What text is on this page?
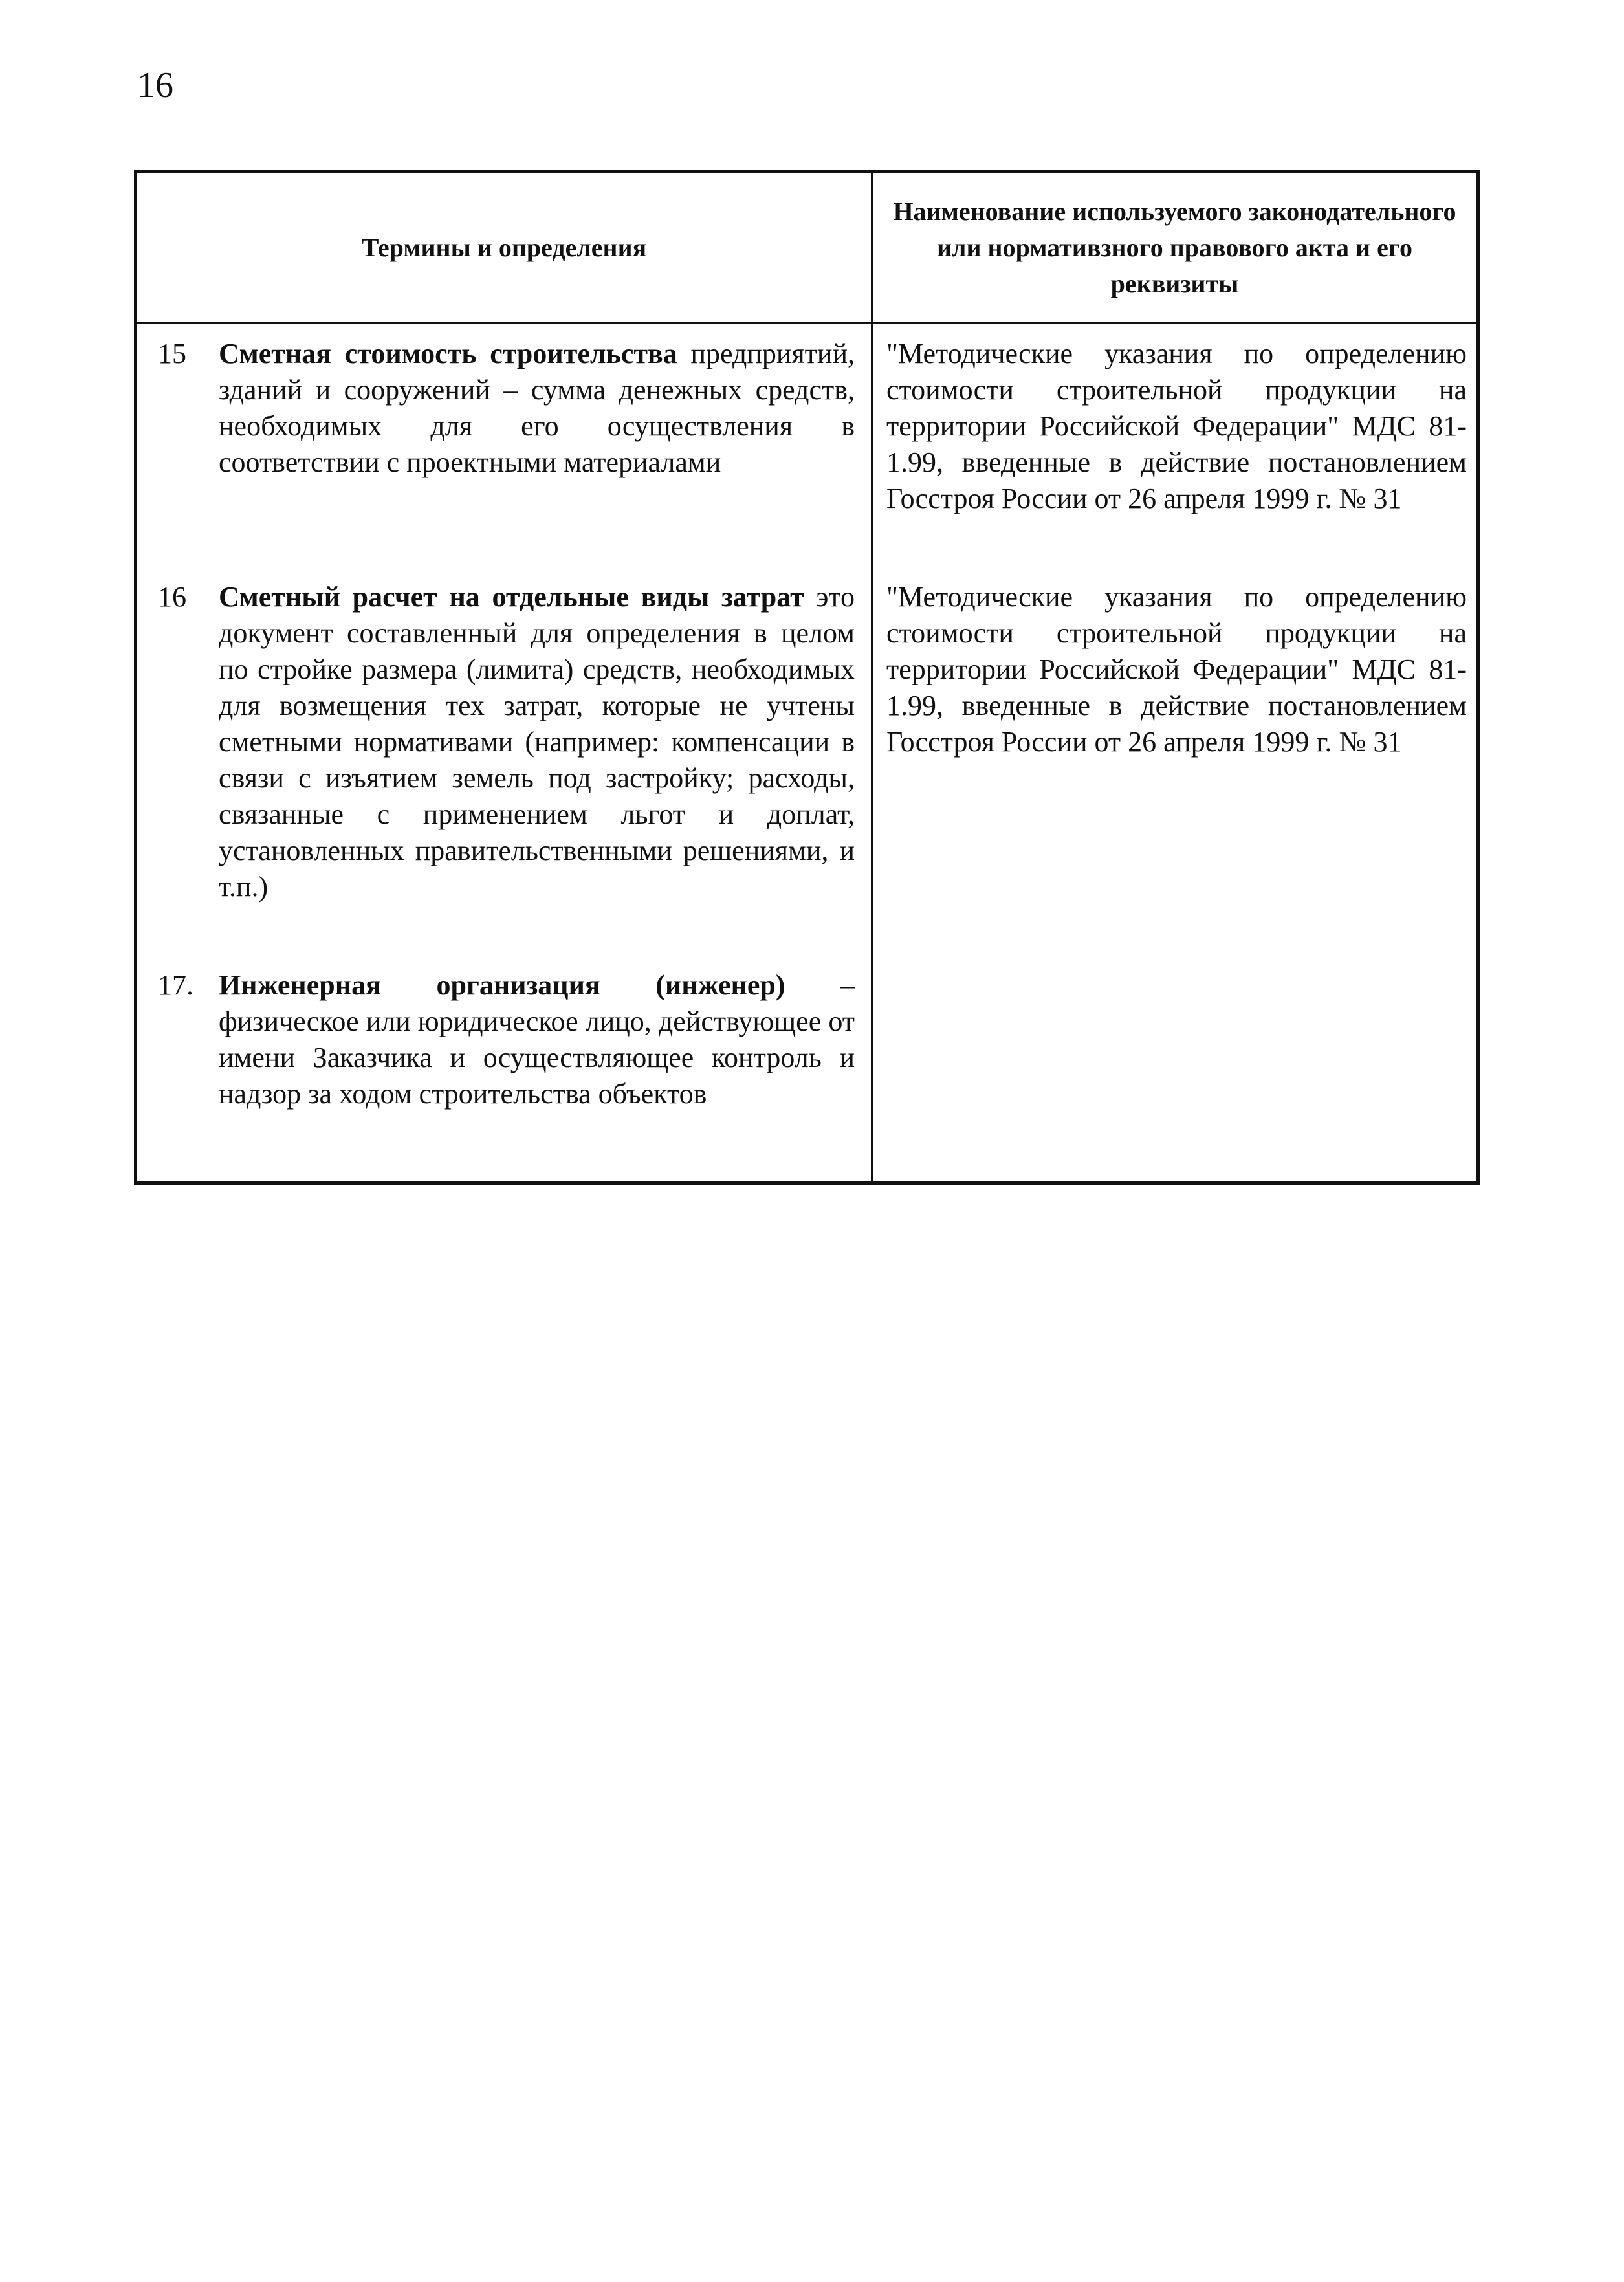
16
Термины и определения
Наименование используемого законодательного или нормативзного правового акта и его реквизиты
15 Сметная стоимость строительства предприятий, зданий и сооружений – сумма денежных средств, необходимых для его осуществления в соответствии с проектными материалами
"Методические указания по определению стоимости строительной продукции на территории Российской Федерации" МДС 81-1.99, введенные в действие постановлением Госстроя России от 26 апреля 1999 г. № 31
16 Сметный расчет на отдельные виды затрат это документ составленный для определения в целом по стройке размера (лимита) средств, необходимых для возмещения тех затрат, которые не учтены сметными нормативами (например: компенсации в связи с изъятием земель под застройку; расходы, связанные с применением льгот и доплат, установленных правительственными решениями, и т.п.)
"Методические указания по определению стоимости строительной продукции на территории Российской Федерации" МДС 81-1.99, введенные в действие постановлением Госстроя России от 26 апреля 1999 г. № 31
17. Инженерная организация (инженер) – физическое или юридическое лицо, действующее от имени Заказчика и осуществляющее контроль и надзор за ходом строительства объектов
